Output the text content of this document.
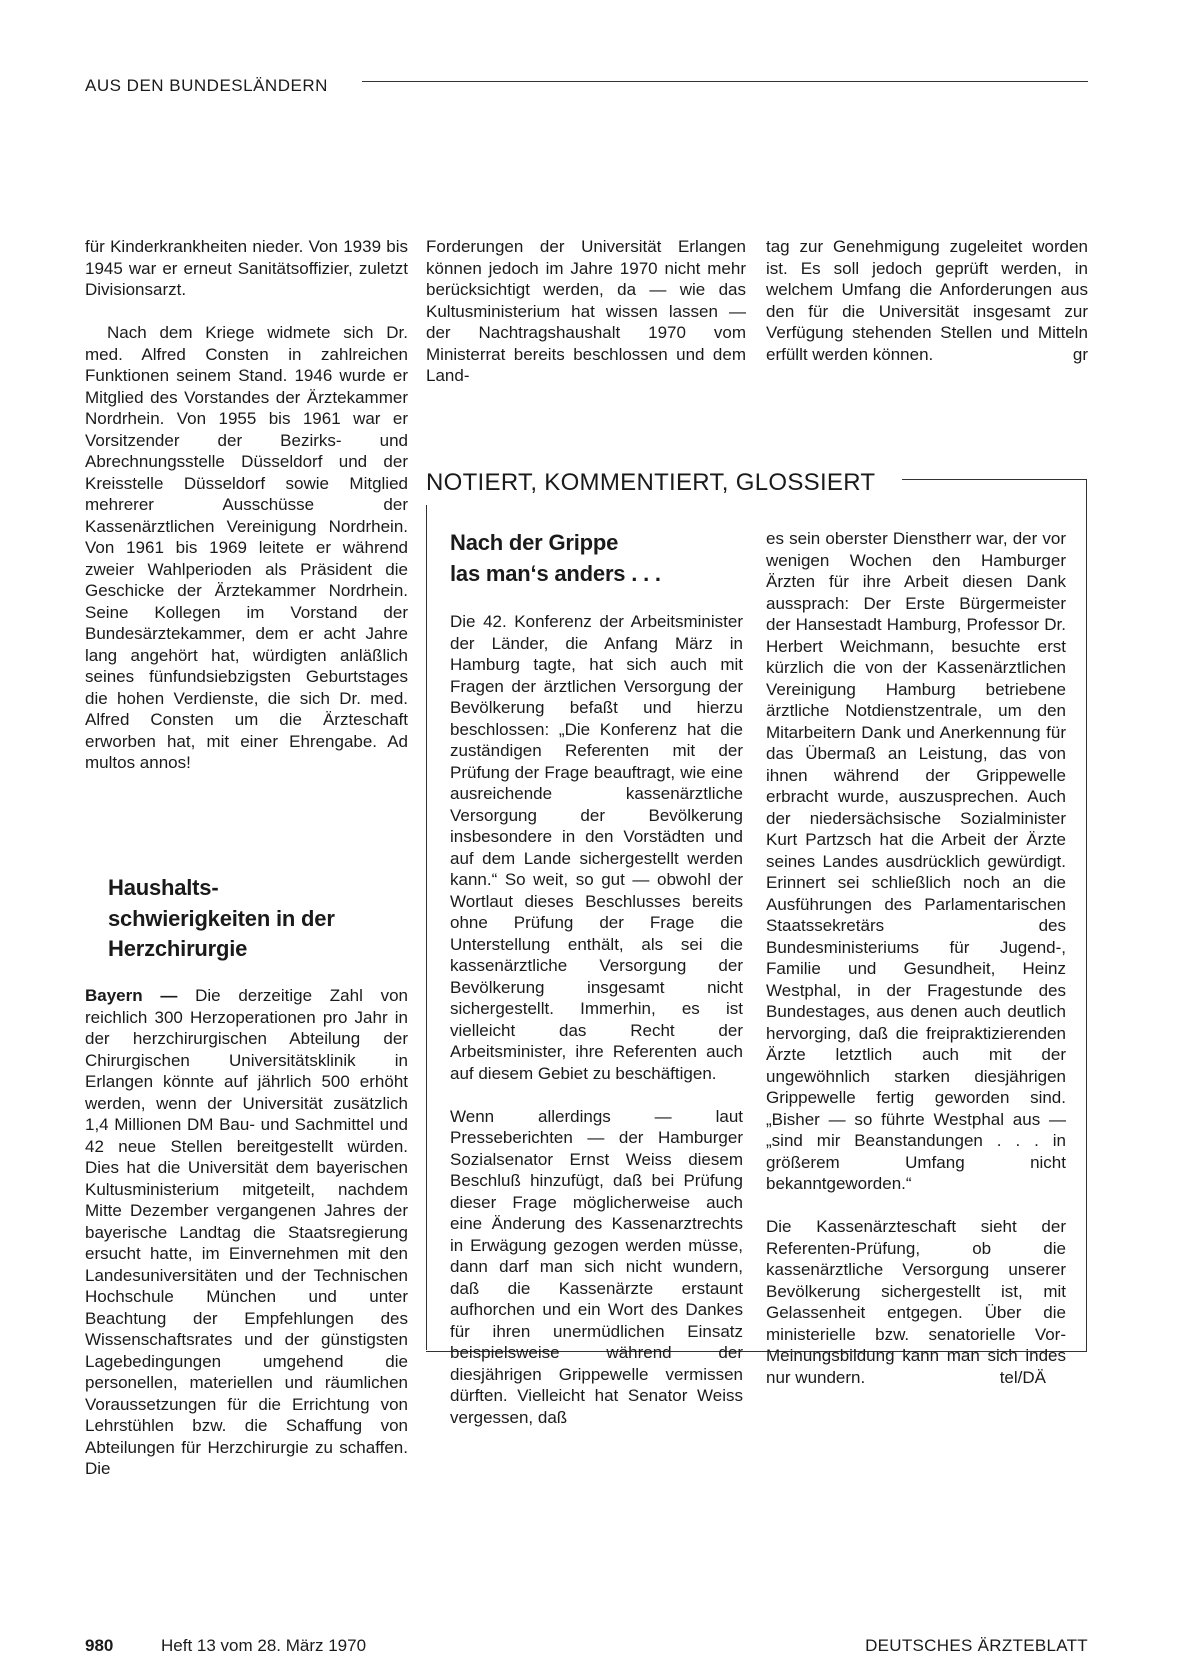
AUS DEN BUNDESLÄNDERN

für Kinderkrankheiten nieder. Von 1939 bis 1945 war er erneut Sanitätsoffizier, zuletzt Divisionsarzt.

Nach dem Kriege widmete sich Dr. med. Alfred Consten in zahlreichen Funktionen seinem Stand. 1946 wurde er Mitglied des Vorstandes der Ärztekammer Nordrhein. Von 1955 bis 1961 war er Vorsitzender der Bezirks- und Abrechnungsstelle Düsseldorf und der Kreisstelle Düsseldorf sowie Mitglied mehrerer Ausschüsse der Kassenärztlichen Vereinigung Nordrhein. Von 1961 bis 1969 leitete er während zweier Wahlperioden als Präsident die Geschicke der Ärztekammer Nordrhein. Seine Kollegen im Vorstand der Bundesärztekammer, dem er acht Jahre lang angehört hat, würdigten anläßlich seines fünfundsiebzigsten Geburtstages die hohen Verdienste, die sich Dr. med. Alfred Consten um die Ärzteschaft erworben hat, mit einer Ehrengabe. Ad multos annos!

Haushalts-
schwierigkeiten in der
Herzchirurgie

Bayern — Die derzeitige Zahl von reichlich 300 Herzoperationen pro Jahr in der herzchirurgischen Abteilung der Chirurgischen Universitätsklinik in Erlangen könnte auf jährlich 500 erhöht werden, wenn der Universität zusätzlich 1,4 Millionen DM Bau- und Sachmittel und 42 neue Stellen bereitgestellt würden. Dies hat die Universität dem bayerischen Kultusministerium mitgeteilt, nachdem Mitte Dezember vergangenen Jahres der bayerische Landtag die Staatsregierung ersucht hatte, im Einvernehmen mit den Landesuniversitäten und der Technischen Hochschule München und unter Beachtung der Empfehlungen des Wissenschaftsrates und der günstigsten Lagebedingungen umgehend die personellen, materiellen und räumlichen Voraussetzungen für die Errichtung von Lehrstühlen bzw. die Schaffung von Abteilungen für Herzchirurgie zu schaffen. Die

Forderungen der Universität Erlangen können jedoch im Jahre 1970 nicht mehr berücksichtigt werden, da — wie das Kultusministerium hat wissen lassen — der Nachtragshaushalt 1970 vom Ministerrat bereits beschlossen und dem Land-

tag zur Genehmigung zugeleitet worden ist. Es soll jedoch geprüft werden, in welchem Umfang die Anforderungen aus den für die Universität insgesamt zur Verfügung stehenden Stellen und Mitteln erfüllt werden können.	gr
NOTIERT, KOMMENTIERT, GLOSSIERT
Nach der Grippe
las man‘s anders . . .

Die 42. Konferenz der Arbeitsminister der Länder, die Anfang März in Hamburg tagte, hat sich auch mit Fragen der ärztlichen Versorgung der Bevölkerung befaßt und hierzu beschlossen: „Die Konferenz hat die zuständigen Referenten mit der Prüfung der Frage beauftragt, wie eine ausreichende kassenärztliche Versorgung der Bevölkerung insbesondere in den Vorstädten und auf dem Lande sichergestellt werden kann.“ So weit, so gut — obwohl der Wortlaut dieses Beschlusses bereits ohne Prüfung der Frage die Unterstellung enthält, als sei die kassenärztliche Versorgung der Bevölkerung insgesamt nicht sichergestellt. Immerhin, es ist vielleicht das Recht der Arbeitsminister, ihre Referenten auch auf diesem Gebiet zu beschäftigen.

Wenn allerdings — laut Presseberichten — der Hamburger Sozialsenator Ernst Weiss diesem Beschluß hinzufügt, daß bei Prüfung dieser Frage möglicherweise auch eine Änderung des Kassenarztrechts in Erwägung gezogen werden müsse, dann darf man sich nicht wundern, daß die Kassenärzte erstaunt aufhorchen und ein Wort des Dankes für ihren unermüdlichen Einsatz beispielsweise während der diesjährigen Grippewelle vermissen dürften. Vielleicht hat Senator Weiss vergessen, daß

es sein oberster Dienstherr war, der vor wenigen Wochen den Hamburger Ärzten für ihre Arbeit diesen Dank aussprach: Der Erste Bürgermeister der Hansestadt Hamburg, Professor Dr. Herbert Weichmann, besuchte erst kürzlich die von der Kassenärztlichen Vereinigung Hamburg betriebene ärztliche Notdienstzentrale, um den Mitarbeitern Dank und Anerkennung für das Übermaß an Leistung, das von ihnen während der Grippewelle erbracht wurde, auszusprechen. Auch der niedersächsische Sozialminister Kurt Partzsch hat die Arbeit der Ärzte seines Landes ausdrücklich gewürdigt. Erinnert sei schließlich noch an die Ausführungen des Parlamentarischen Staatssekretärs des Bundesministeriums für Jugend-, Familie und Gesundheit, Heinz Westphal, in der Fragestunde des Bundestages, aus denen auch deutlich hervorging, daß die freipraktizierenden Ärzte letztlich auch mit der ungewöhnlich starken diesjährigen Grippewelle fertig geworden sind. „Bisher — so führte Westphal aus — „sind mir Beanstandungen . . . in größerem Umfang nicht bekanntgeworden.“

Die Kassenärzteschaft sieht der Referenten-Prüfung, ob die kassenärztliche Versorgung unserer Bevölkerung sichergestellt ist, mit Gelassenheit entgegen. Über die ministerielle bzw. senatorielle Vor-Meinungsbildung kann man sich indes nur wundern.	tel/DÄ
980	Heft 13 vom 28. März 1970	DEUTSCHES ÄRZTEBLATT
